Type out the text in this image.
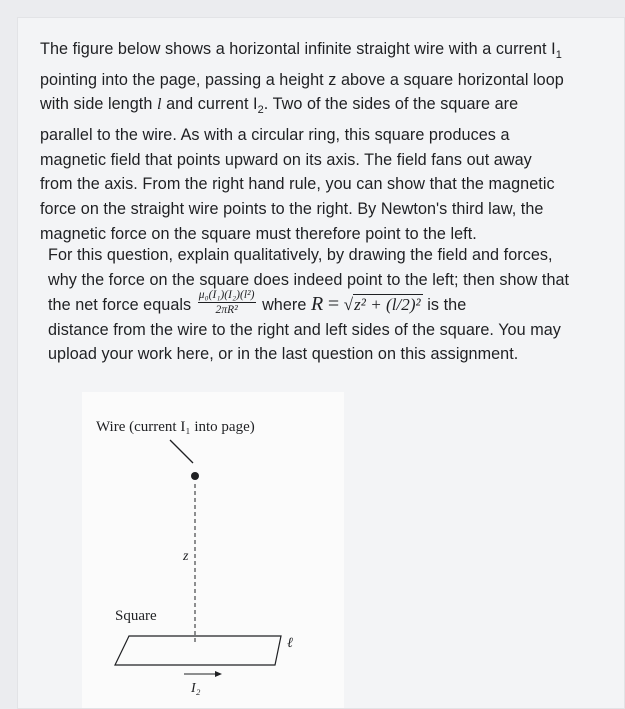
The figure below shows a horizontal infinite straight wire with a current $I_1$
pointing into the page, passing a height z above a square horizontal loop
with side length l and current $I_2$. Two of the sides of the square are
parallel to the wire. As with a circular ring, this square produces a
magnetic field that points upward on its axis. The field fans out away
from the axis. From the right hand rule, you can show that the magnetic
force on the straight wire points to the right. By Newton's third law, the
magnetic force on the square must therefore point to the left.
For this question, explain qualitatively, by drawing the field and forces,
why the force on the square does indeed point to the left; then show that
the net force equals $\frac{\text{μ₀(I₁)(I₂)(l²)}}{\text{2πR²}}$ where R = √z² + (l/2)² is the
distance from the wire to the right and left sides of the square. You may
upload your work here, or in the last question on this assignment.
Wire (current I₁ into page)
z
Square
ℓ
I₂
